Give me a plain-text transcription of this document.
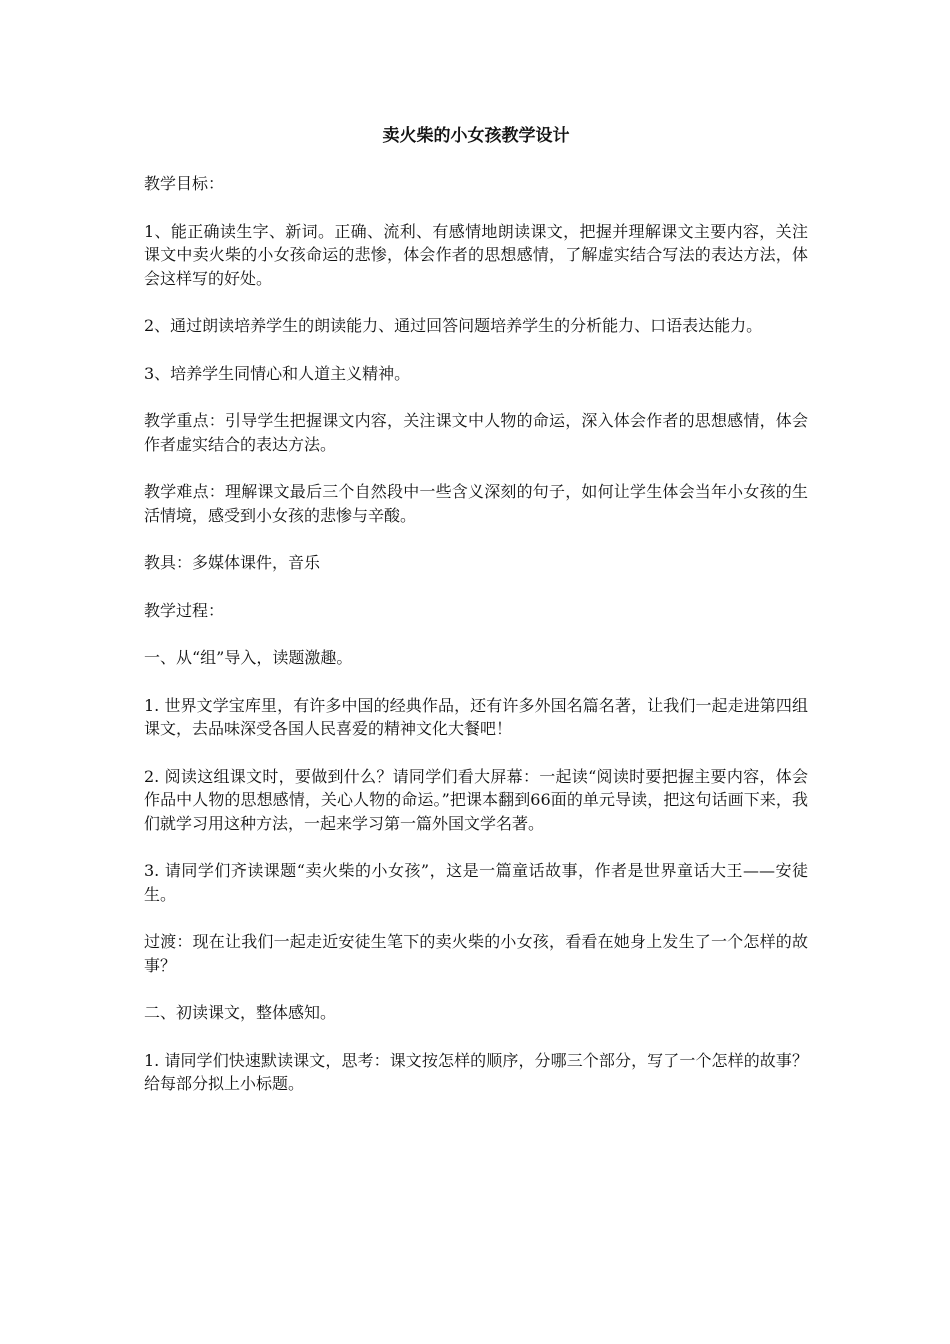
卖火柴的小女孩教学设计

教学目标：

1、能正确读生字、新词。正确、流利、有感情地朗读课文，把握并理解课文主要内容，关注课文中卖火柴的小女孩命运的悲惨，体会作者的思想感情，了解虚实结合写法的表达方法，体会这样写的好处。

2、通过朗读培养学生的朗读能力、通过回答问题培养学生的分析能力、口语表达能力。

3、培养学生同情心和人道主义精神。

教学重点：引导学生把握课文内容，关注课文中人物的命运，深入体会作者的思想感情，体会作者虚实结合的表达方法。

教学难点：理解课文最后三个自然段中一些含义深刻的句子，如何让学生体会当年小女孩的生活情境，感受到小女孩的悲惨与辛酸。

教具：多媒体课件，音乐

教学过程：

一、从“组”导入，读题激趣。

1. 世界文学宝库里，有许多中国的经典作品，还有许多外国名篇名著，让我们一起走进第四组课文，去品味深受各国人民喜爱的精神文化大餐吧！

2. 阅读这组课文时，要做到什么？请同学们看大屏幕：一起读“阅读时要把握主要内容，体会作品中人物的思想感情，关心人物的命运。”把课本翻到66面的单元导读，把这句话画下来，我们就学习用这种方法，一起来学习第一篇外国文学名著。

3. 请同学们齐读课题“卖火柴的小女孩”，这是一篇童话故事，作者是世界童话大王——安徒生。

过渡：现在让我们一起走近安徒生笔下的卖火柴的小女孩，看看在她身上发生了一个怎样的故事？

二、初读课文，整体感知。

1. 请同学们快速默读课文，思考：课文按怎样的顺序，分哪三个部分，写了一个怎样的故事？给每部分拟上小标题。
